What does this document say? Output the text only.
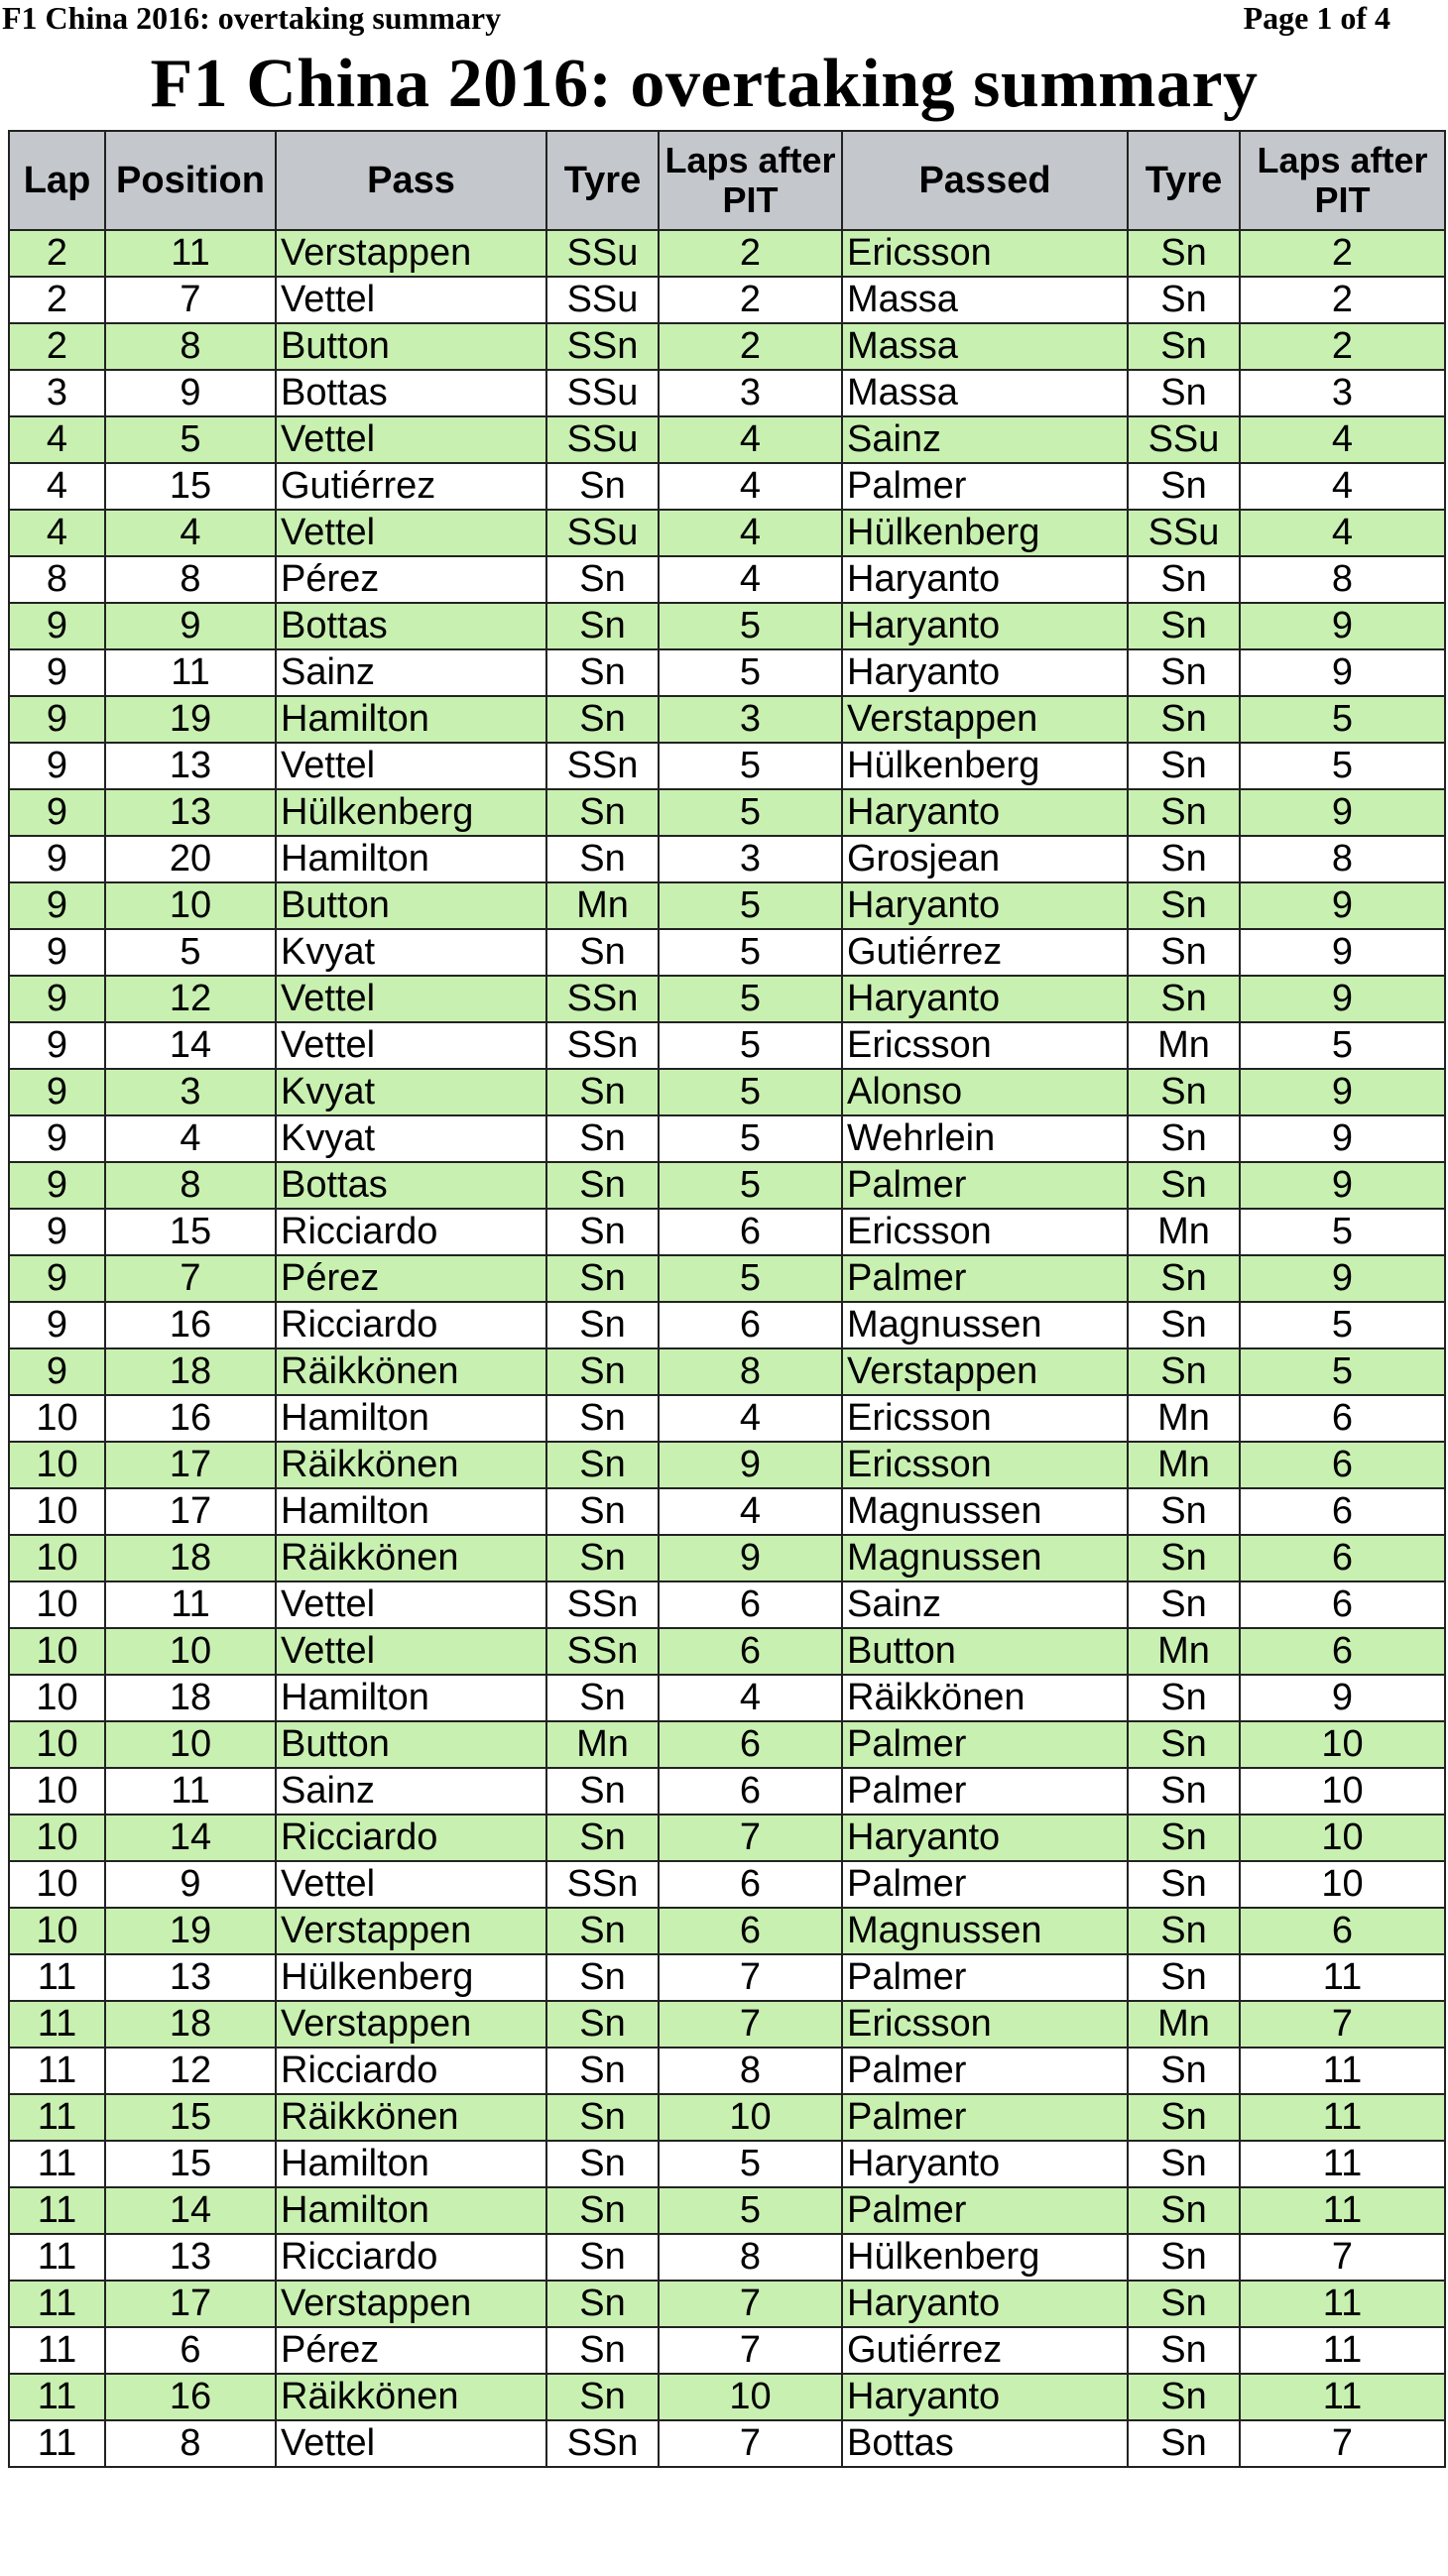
F1 China 2016: overtaking summary	Page 1 of 4
F1 China 2016: overtaking summary
Lap	Position	Pass	Tyre	Laps after PIT	Passed	Tyre	Laps after PIT
2	11	Verstappen	SSu	2	Ericsson	Sn	2
2	7	Vettel	SSu	2	Massa	Sn	2
2	8	Button	SSn	2	Massa	Sn	2
3	9	Bottas	SSu	3	Massa	Sn	3
4	5	Vettel	SSu	4	Sainz	SSu	4
4	15	Gutiérrez	Sn	4	Palmer	Sn	4
4	4	Vettel	SSu	4	Hülkenberg	SSu	4
8	8	Pérez	Sn	4	Haryanto	Sn	8
9	9	Bottas	Sn	5	Haryanto	Sn	9
9	11	Sainz	Sn	5	Haryanto	Sn	9
9	19	Hamilton	Sn	3	Verstappen	Sn	5
9	13	Vettel	SSn	5	Hülkenberg	Sn	5
9	13	Hülkenberg	Sn	5	Haryanto	Sn	9
9	20	Hamilton	Sn	3	Grosjean	Sn	8
9	10	Button	Mn	5	Haryanto	Sn	9
9	5	Kvyat	Sn	5	Gutiérrez	Sn	9
9	12	Vettel	SSn	5	Haryanto	Sn	9
9	14	Vettel	SSn	5	Ericsson	Mn	5
9	3	Kvyat	Sn	5	Alonso	Sn	9
9	4	Kvyat	Sn	5	Wehrlein	Sn	9
9	8	Bottas	Sn	5	Palmer	Sn	9
9	15	Ricciardo	Sn	6	Ericsson	Mn	5
9	7	Pérez	Sn	5	Palmer	Sn	9
9	16	Ricciardo	Sn	6	Magnussen	Sn	5
9	18	Räikkönen	Sn	8	Verstappen	Sn	5
10	16	Hamilton	Sn	4	Ericsson	Mn	6
10	17	Räikkönen	Sn	9	Ericsson	Mn	6
10	17	Hamilton	Sn	4	Magnussen	Sn	6
10	18	Räikkönen	Sn	9	Magnussen	Sn	6
10	11	Vettel	SSn	6	Sainz	Sn	6
10	10	Vettel	SSn	6	Button	Mn	6
10	18	Hamilton	Sn	4	Räikkönen	Sn	9
10	10	Button	Mn	6	Palmer	Sn	10
10	11	Sainz	Sn	6	Palmer	Sn	10
10	14	Ricciardo	Sn	7	Haryanto	Sn	10
10	9	Vettel	SSn	6	Palmer	Sn	10
10	19	Verstappen	Sn	6	Magnussen	Sn	6
11	13	Hülkenberg	Sn	7	Palmer	Sn	11
11	18	Verstappen	Sn	7	Ericsson	Mn	7
11	12	Ricciardo	Sn	8	Palmer	Sn	11
11	15	Räikkönen	Sn	10	Palmer	Sn	11
11	15	Hamilton	Sn	5	Haryanto	Sn	11
11	14	Hamilton	Sn	5	Palmer	Sn	11
11	13	Ricciardo	Sn	8	Hülkenberg	Sn	7
11	17	Verstappen	Sn	7	Haryanto	Sn	11
11	6	Pérez	Sn	7	Gutiérrez	Sn	11
11	16	Räikkönen	Sn	10	Haryanto	Sn	11
11	8	Vettel	SSn	7	Bottas	Sn	7
